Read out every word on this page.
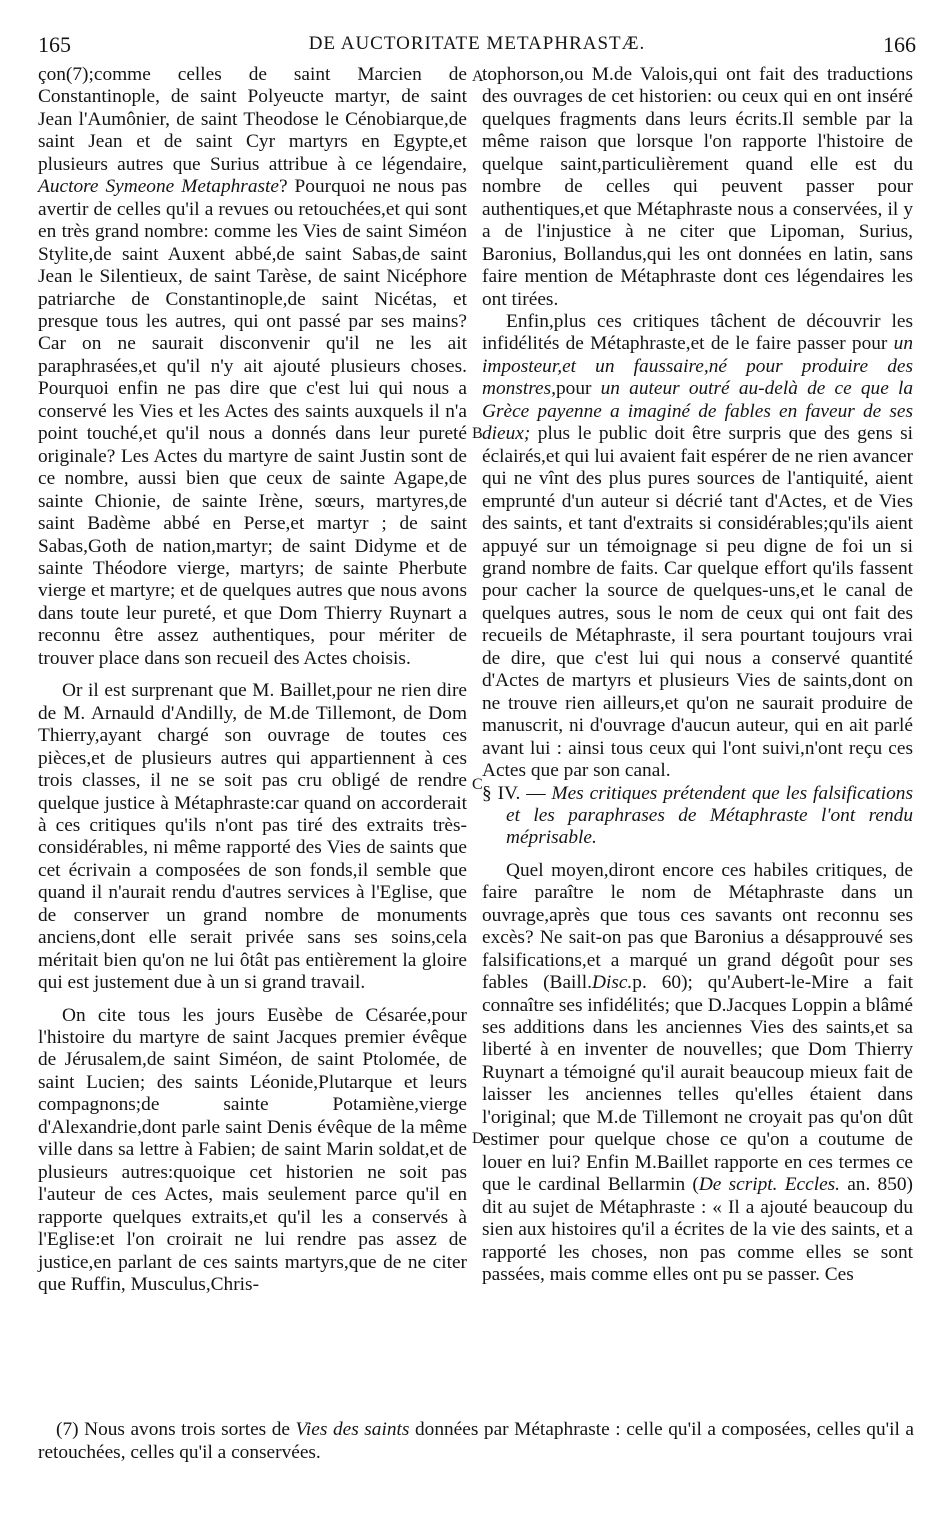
165	DE AUCTORITATE METAPHRASTÆ.	166

çon(7);comme celles de saint Marcien de Constantinople, de saint Polyeucte martyr, de saint Jean l'Aumônier, de saint Theodose le Cénobiarque,de saint Jean et de saint Cyr martyrs en Egypte,et plusieurs autres que Surius attribue à ce légendaire, Auctore Symeone Metaphraste? Pourquoi ne nous pas avertir de celles qu'il a revues ou retouchées,et qui sont en très grand nombre: comme les Vies de saint Siméon Stylite,de saint Auxent abbé,de saint Sabas,de saint Jean le Silentieux, de saint Tarèse, de saint Nicéphore patriarche de Constantinople,de saint Nicétas, et presque tous les autres, qui ont passé par ses mains? Car on ne saurait disconvenir qu'il ne les ait paraphrasées,et qu'il n'y ait ajouté plusieurs choses. Pourquoi enfin ne pas dire que c'est lui qui nous a conservé les Vies et les Actes des saints auxquels il n'a point touché,et qu'il nous a donnés dans leur pureté originale? Les Actes du martyre de saint Justin sont de ce nombre, aussi bien que ceux de sainte Agape,de sainte Chionie, de sainte Irène, sœurs, martyres,de saint Badème abbé en Perse,et martyr ; de saint Sabas,Goth de nation,martyr; de saint Didyme et de sainte Théodore vierge, martyrs; de sainte Pherbute vierge et martyre; et de quelques autres que nous avons dans toute leur pureté, et que Dom Thierry Ruynart a reconnu être assez authentiques, pour mériter de trouver place dans son recueil des Actes choisis.

Or il est surprenant que M. Baillet,pour ne rien dire de M. Arnauld d'Andilly, de M.de Tillemont, de Dom Thierry,ayant chargé son ouvrage de toutes ces pièces,et de plusieurs autres qui appartiennent à ces trois classes, il ne se soit pas cru obligé de rendre quelque justice à Métaphraste:car quand on accorderait à ces critiques qu'ils n'ont pas tiré des extraits très-considérables, ni même rapporté des Vies de saints que cet écrivain a composées de son fonds,il semble que quand il n'aurait rendu d'autres services à l'Eglise, que de conserver un grand nombre de monuments anciens,dont elle serait privée sans ses soins,cela méritait bien qu'on ne lui ôtât pas entièrement la gloire qui est justement due à un si grand travail.

On cite tous les jours Eusèbe de Césarée,pour l'histoire du martyre de saint Jacques premier évêque de Jérusalem,de saint Siméon, de saint Ptolomée, de saint Lucien; des saints Léonide,Plutarque et leurs compagnons;de sainte Potamiène,vierge d'Alexandrie,dont parle saint Denis évêque de la même ville dans sa lettre à Fabien; de saint Marin soldat,et de plusieurs autres:quoique cet historien ne soit pas l'auteur de ces Actes, mais seulement parce qu'il en rapporte quelques extraits,et qu'il les a conservés à l'Eglise:et l'on croirait ne lui rendre pas assez de justice,en parlant de ces saints martyrs,que de ne citer que Ruffin, Musculus,Chris-

A
B
C
D

tophorson,ou M.de Valois,qui ont fait des traductions des ouvrages de cet historien: ou ceux qui en ont inséré quelques fragments dans leurs écrits.Il semble par la même raison que lorsque l'on rapporte l'histoire de quelque saint,particulièrement quand elle est du nombre de celles qui peuvent passer pour authentiques,et que Métaphraste nous a conservées, il y a de l'injustice à ne citer que Lipoman, Surius, Baronius, Bollandus,qui les ont données en latin, sans faire mention de Métaphraste dont ces légendaires les ont tirées.

Enfin,plus ces critiques tâchent de découvrir les infidélités de Métaphraste,et de le faire passer pour un imposteur,et un faussaire,né pour produire des monstres,pour un auteur outré au-delà de ce que la Grèce payenne a imaginé de fables en faveur de ses dieux; plus le public doit être surpris que des gens si éclairés,et qui lui avaient fait espérer de ne rien avancer qui ne vînt des plus pures sources de l'antiquité, aient emprunté d'un auteur si décrié tant d'Actes, et de Vies des saints, et tant d'extraits si considérables;qu'ils aient appuyé sur un témoignage si peu digne de foi un si grand nombre de faits. Car quelque effort qu'ils fassent pour cacher la source de quelques-uns,et le canal de quelques autres, sous le nom de ceux qui ont fait des recueils de Métaphraste, il sera pourtant toujours vrai de dire, que c'est lui qui nous a conservé quantité d'Actes de martyrs et plusieurs Vies de saints,dont on ne trouve rien ailleurs,et qu'on ne saurait produire de manuscrit, ni d'ouvrage d'aucun auteur, qui en ait parlé avant lui : ainsi tous ceux qui l'ont suivi,n'ont reçu ces Actes que par son canal.

§ IV. — Mes critiques prétendent que les falsifications et les paraphrases de Métaphraste l'ont rendu méprisable.

Quel moyen,diront encore ces habiles critiques, de faire paraître le nom de Métaphraste dans un ouvrage,après que tous ces savants ont reconnu ses excès? Ne sait-on pas que Baronius a désapprouvé ses falsifications,et a marqué un grand dégoût pour ses fables (Baill.Disc.p. 60); qu'Aubert-le-Mire a fait connaître ses infidélités; que D.Jacques Loppin a blâmé ses additions dans les anciennes Vies des saints,et sa liberté à en inventer de nouvelles; que Dom Thierry Ruynart a témoigné qu'il aurait beaucoup mieux fait de laisser les anciennes telles qu'elles étaient dans l'original; que M.de Tillemont ne croyait pas qu'on dût estimer pour quelque chose ce qu'on a coutume de louer en lui? Enfin M.Baillet rapporte en ces termes ce que le cardinal Bellarmin (De script. Eccles. an. 850) dit au sujet de Métaphraste : « Il a ajouté beaucoup du sien aux histoires qu'il a écrites de la vie des saints, et a rapporté les choses, non pas comme elles se sont passées, mais comme elles ont pu se passer. Ces

(7) Nous avons trois sortes de Vies des saints données par Métaphraste : celle qu'il a composées, celles qu'il a retouchées, celles qu'il a conservées.
